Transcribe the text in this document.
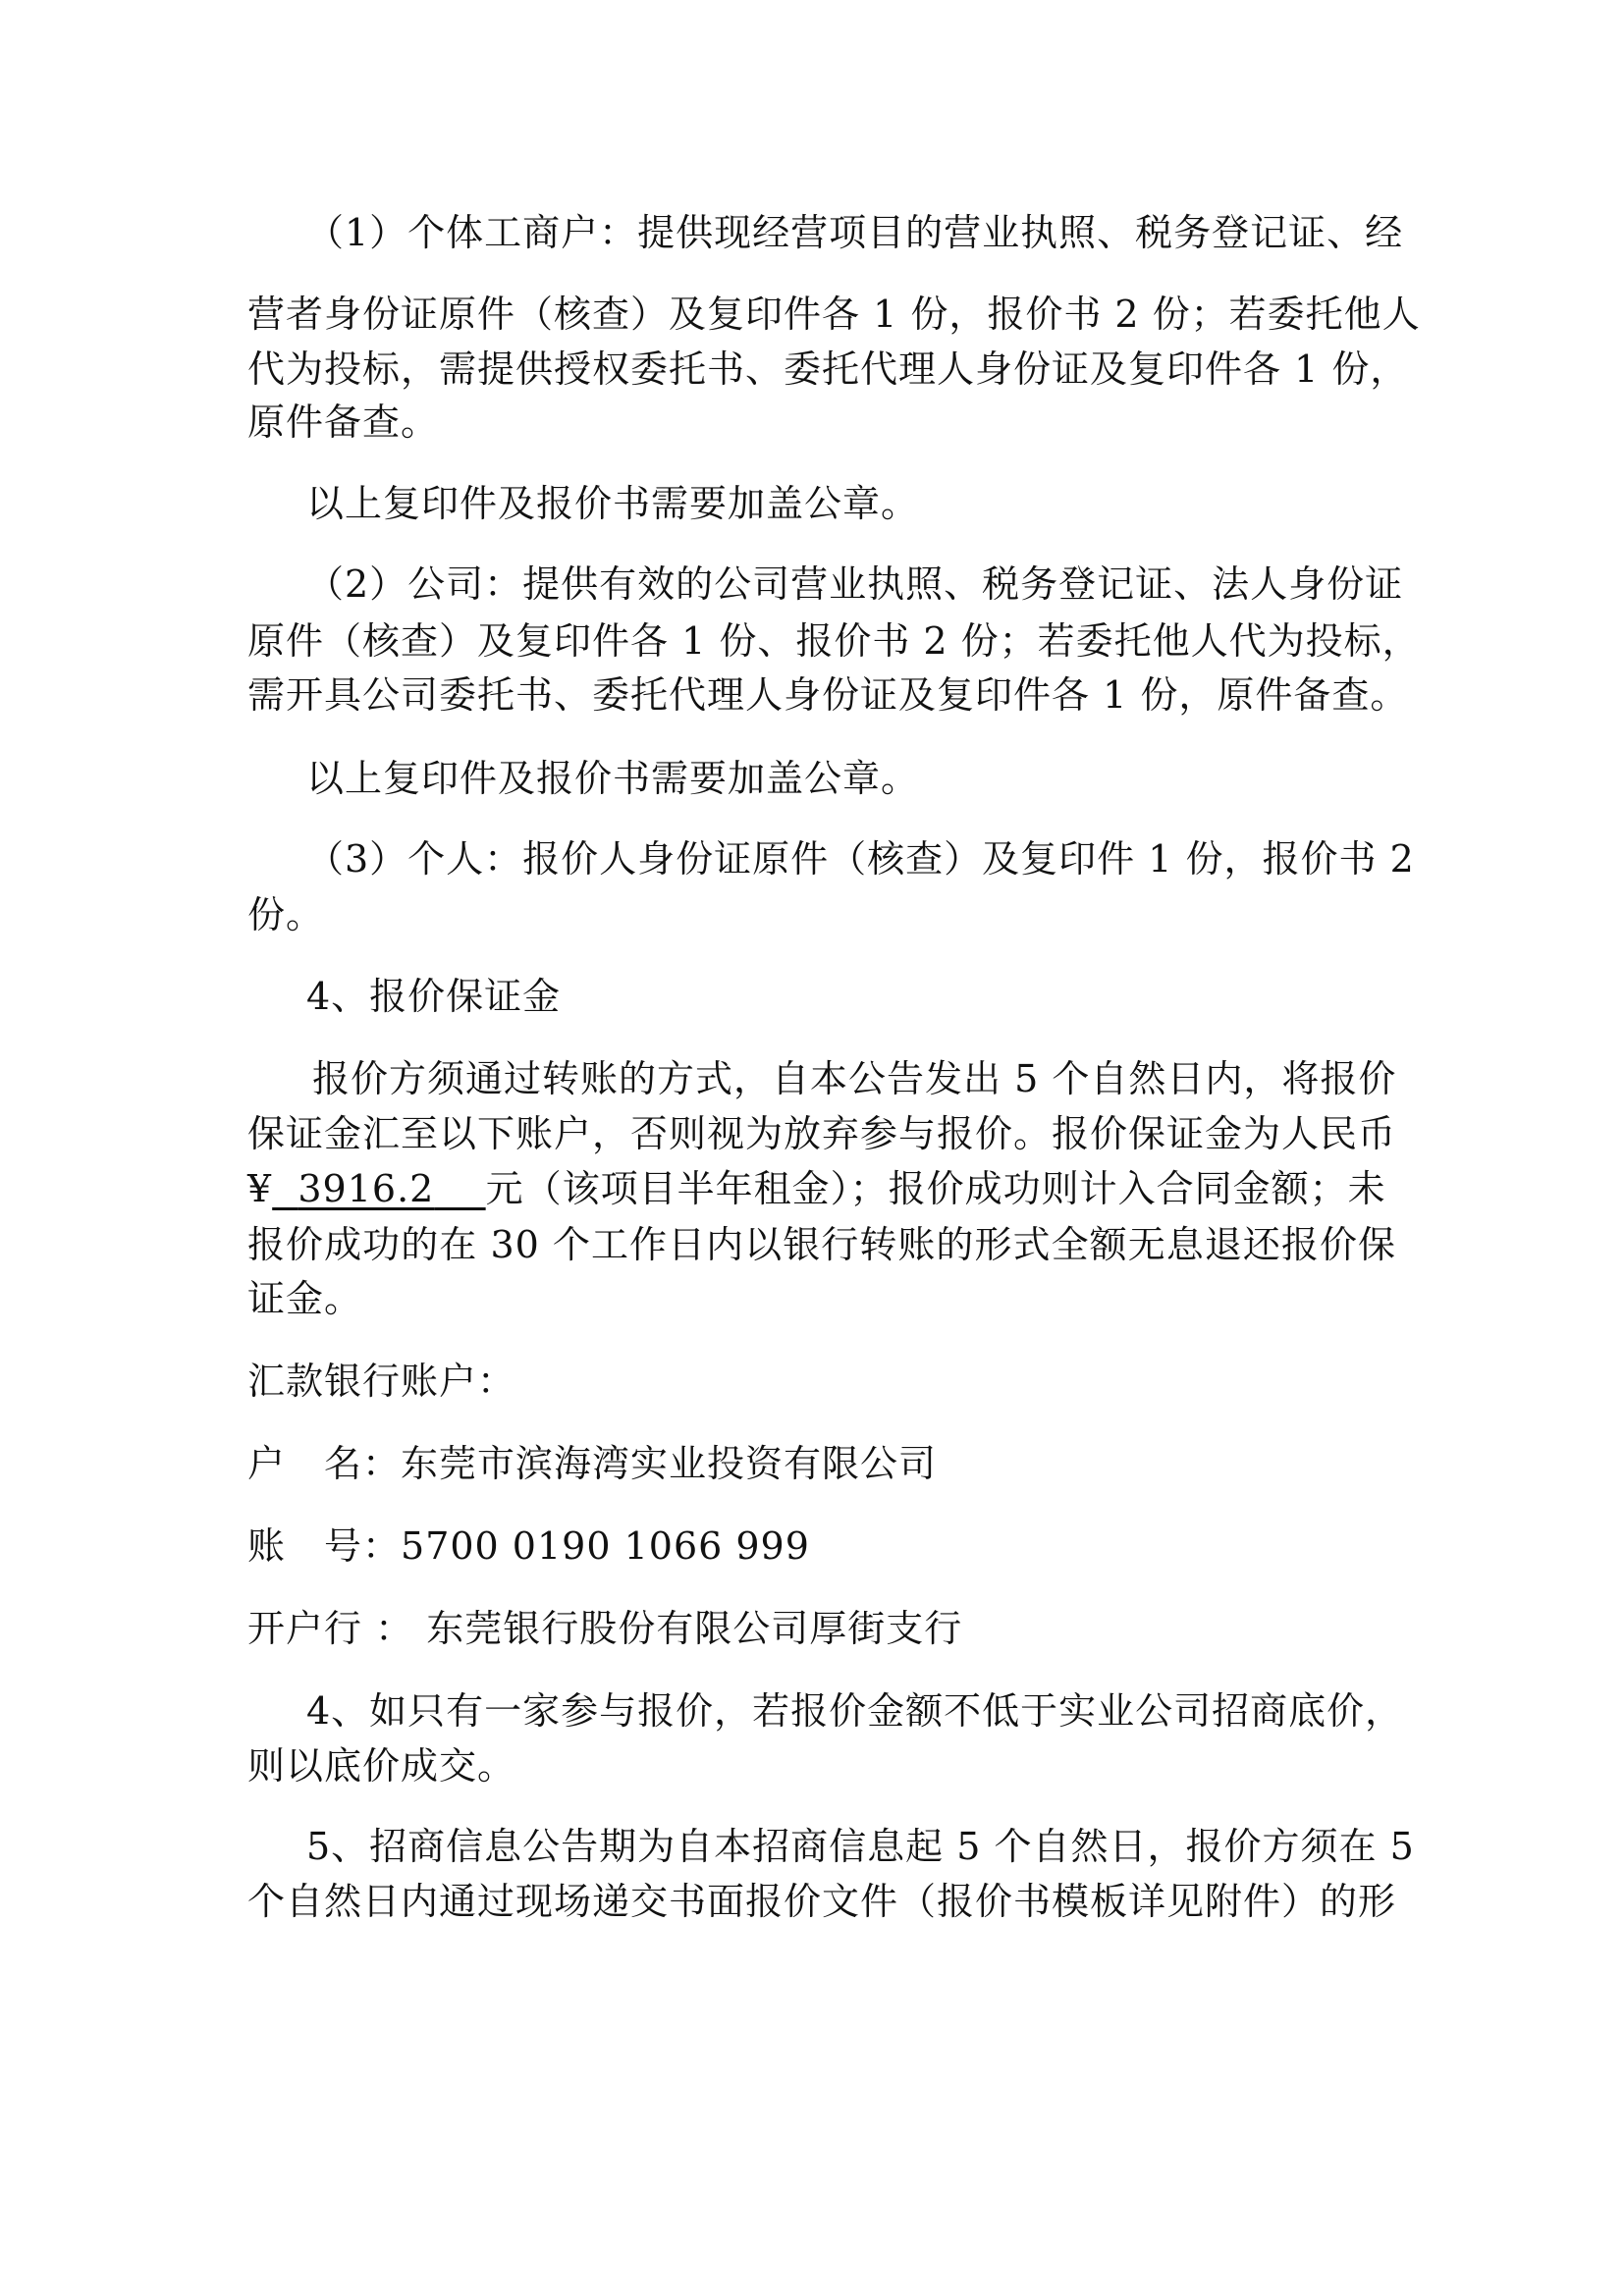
（1）个体工商户：提供现经营项目的营业执照、税务登记证、经
营者身份证原件（核查）及复印件各 1 份，报价书 2 份；若委托他人
代为投标，需提供授权委托书、委托代理人身份证及复印件各 1 份，
原件备查。
以上复印件及报价书需要加盖公章。
（2）公司：提供有效的公司营业执照、税务登记证、法人身份证
原件（核查）及复印件各 1 份、报价书 2 份；若委托他人代为投标，
需开具公司委托书、委托代理人身份证及复印件各 1 份，原件备查。
以上复印件及报价书需要加盖公章。
（3）个人：报价人身份证原件（核查）及复印件 1 份，报价书 2
份。
4、报价保证金
报价方须通过转账的方式，自本公告发出 5 个自然日内，将报价
保证金汇至以下账户，否则视为放弃参与报价。报价保证金为人民币
¥ 3916.2 元（该项目半年租金）；报价成功则计入合同金额；未
报价成功的在 30 个工作日内以银行转账的形式全额无息退还报价保
证金。
汇款银行账户：
户　名：东莞市滨海湾实业投资有限公司
账　号：5700 0190 1066 999
开户行 ： 东莞银行股份有限公司厚街支行
4、如只有一家参与报价，若报价金额不低于实业公司招商底价，
则以底价成交。
5、招商信息公告期为自本招商信息起 5 个自然日，报价方须在 5
个自然日内通过现场递交书面报价文件（报价书模板详见附件）的形
